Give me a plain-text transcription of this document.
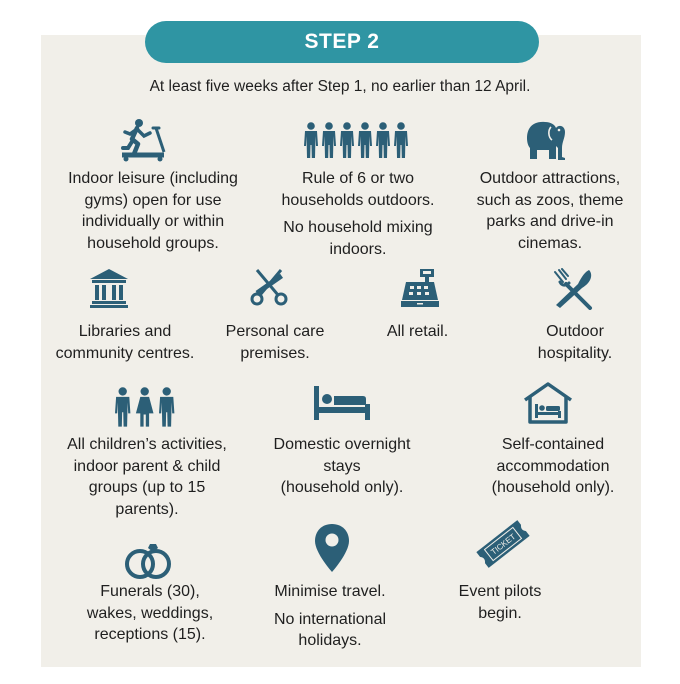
STEP 2
At least five weeks after Step 1, no earlier than 12 April.
TICKET
Indoor leisure (including
gyms) open for use
individually or within
household groups.
Rule of 6 or two
households outdoors.
No household mixing
indoors.
Outdoor attractions,
such as zoos, theme
parks and drive-in
cinemas.
Libraries and
community centres.
Personal care
premises.
All retail.	Outdoor
hospitality.
All children’s activities,
indoor parent & child
groups (up to 15
parents).
Domestic overnight
stays
(household only).
Self-contained
accommodation
(household only).
Funerals (30),
wakes, weddings,
receptions (15).
Minimise travel.
No international
holidays.
Event pilots
begin.
